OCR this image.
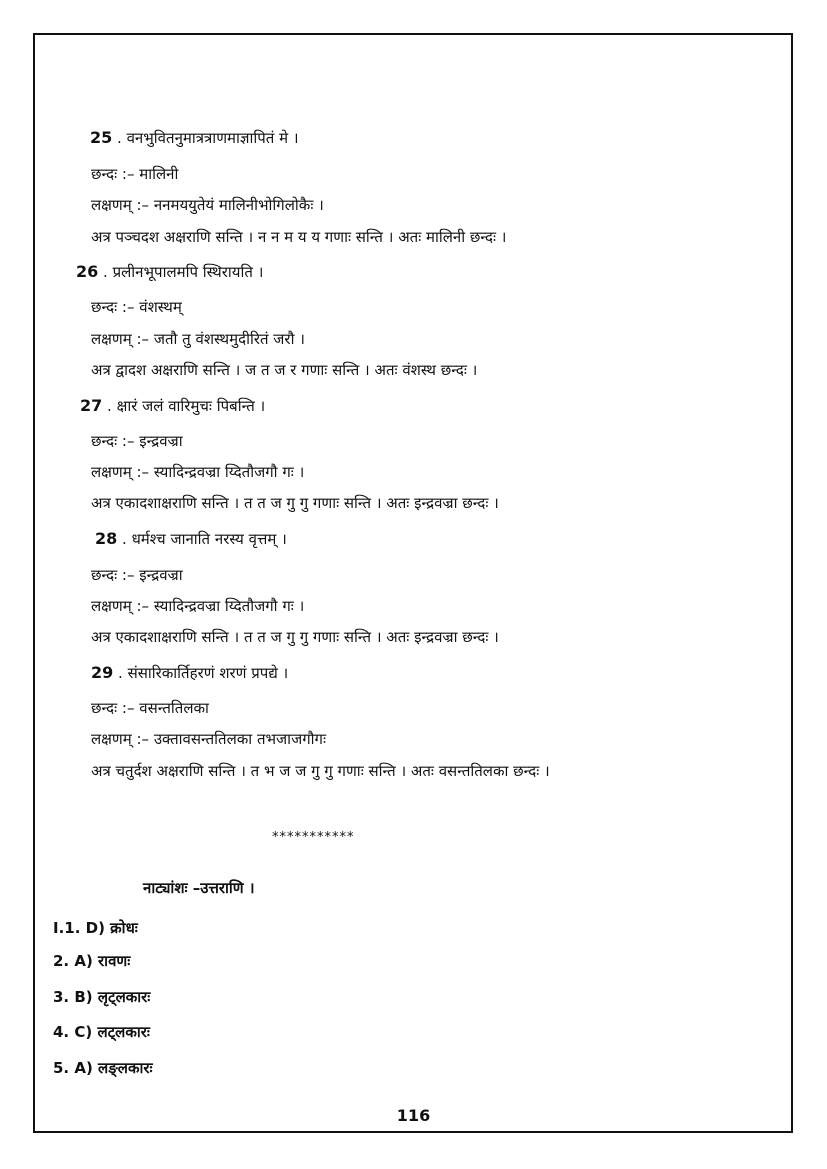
25 . वनभुवितनुमात्रत्राणमाज्ञापितं मे ।
छन्दः :– मालिनी
लक्षणम् :– ननमययुतेयं मालिनीभोगिलोकैः ।
अत्र पञ्चदश अक्षराणि सन्ति । न न म य य गणाः सन्ति । अतः मालिनी छन्दः ।
26 . प्रलीनभूपालमपि स्थिरायति ।
छन्दः :– वंशस्थम्
लक्षणम् :– जतौ तु वंशस्थमुदीरितं जरौ ।
अत्र द्वादश अक्षराणि सन्ति । ज त ज र गणाः सन्ति । अतः वंशस्थ छन्दः ।
27 . क्षारं जलं वारिमुचः पिबन्ति ।
छन्दः :– इन्द्रवज्रा
लक्षणम् :– स्यादिन्द्रवज्रा य्दितौजगौ गः ।
अत्र एकादशाक्षराणि सन्ति । त त ज गु गु गणाः सन्ति । अतः इन्द्रवज्रा छन्दः ।
28 . धर्मश्च जानाति नरस्य वृत्तम् ।
छन्दः :– इन्द्रवज्रा
लक्षणम् :– स्यादिन्द्रवज्रा य्दितौजगौ गः ।
अत्र एकादशाक्षराणि सन्ति । त त ज गु गु गणाः सन्ति । अतः इन्द्रवज्रा छन्दः ।
29 . संसारिकार्तिहरणं शरणं प्रपद्ये ।
छन्दः :– वसन्ततिलका
लक्षणम् :– उक्तावसन्ततिलका तभजाजगौगः
अत्र चतुर्दश अक्षराणि सन्ति । त भ ज ज गु गु गणाः सन्ति । अतः वसन्ततिलका छन्दः ।
***********
नाट्यांशः –उत्तराणि ।
I.1. D) क्रोधः
2. A) रावणः
3. B) लृट्लकारः
4. C) लट्लकारः
5. A) लङ्लकारः
116
